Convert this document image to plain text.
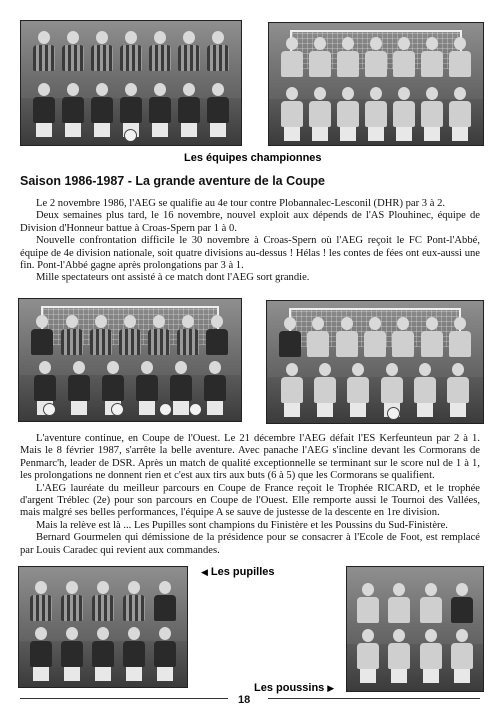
Les équipes championnes
Saison 1986-1987 - La grande aventure de la Coupe

Le 2 novembre 1986, l'AEG se qualifie au 4e tour contre Plobannalec-Lesconil (DHR) par 3 à 2.

Deux semaines plus tard, le 16 novembre, nouvel exploit aux dépends de l'AS Plouhinec, équipe de Division d'Honneur battue à Croas-Spern par 1 à 0.

Nouvelle confrontation difficile le 30 novembre à Croas-Spern où l'AEG reçoit le FC Pont-l'Abbé, équipe de 4e division nationale, soit quatre divisions au-dessus ! Hélas ! les contes de fées ont eux-aussi une fin. Pont-l'Abbé gagne après prolongations par 3 à 1.

Mille spectateurs ont assisté à ce match dont l'AEG sort grandie.

L'aventure continue, en Coupe de l'Ouest. Le 21 décembre l'AEG défait l'ES Kerfeunteun par 2 à 1. Mais le 8 février 1987, s'arrête la belle aventure. Avec panache l'AEG s'incline devant les Cormorans de Penmarc'h, leader de DSR. Après un match de qualité exceptionnelle se terminant sur le score nul de 1 à 1, les prolongations ne donnent rien et c'est aux tirs aux buts (6 à 5) que les Cormorans se qualifient.

L'AEG lauréate du meilleur parcours en Coupe de France reçoit le Trophée RICARD, et le trophée d'argent Tréblec (2e) pour son parcours en Coupe de l'Ouest. Elle remporte aussi le Tournoi des Vallées, mais malgré ses belles performances, l'équipe A se sauve de justesse de la descente en 1re division.

Mais la relève est là ... Les Pupilles sont champions du Finistère et les Poussins du Sud-Finistère.

Bernard Gourmelen qui démissione de la présidence pour se consacrer à l'Ecole de Foot, est remplacé par Louis Caradec qui revient aux commandes.

◀ Les pupilles
Les poussins ▶
18
